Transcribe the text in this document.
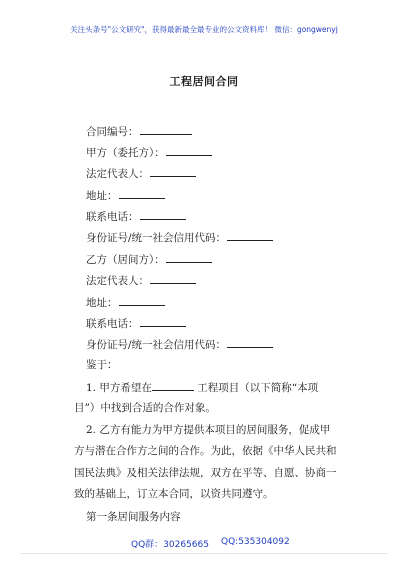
关注头条号"公文研究"，获得最新最全最专业的公文资料库！ 微信：gongwenyj
工程居间合同
合同编号：
甲方（委托方）：
法定代表人：
地址：
联系电话：
身份证号/统一社会信用代码：
乙方（居间方）：
法定代表人：
地址：
联系电话：
身份证号/统一社会信用代码：
鉴于：
1. 甲方希望在	工程项目（以下简称“本项
目”）中找到合适的合作对象。
2. 乙方有能力为甲方提供本项目的居间服务，促成甲
方与潜在合作方之间的合作。为此，依据《中华人民共和
国民法典》及相关法律法规，双方在平等、自愿、协商一
致的基础上，订立本合同，以资共同遵守。
第一条居间服务内容
QQ群：30265665 QQ:535304092
